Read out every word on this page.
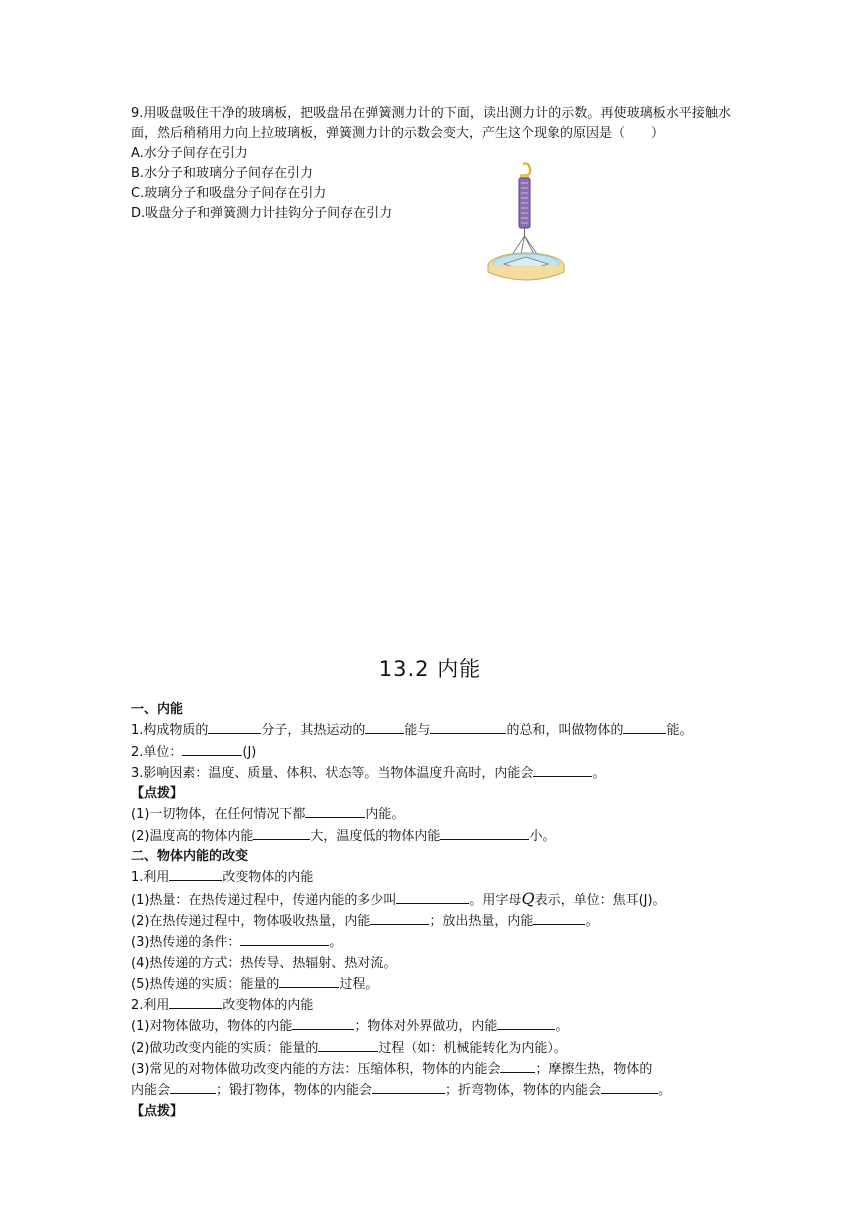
9.用吸盘吸住干净的玻璃板，把吸盘吊在弹簧测力计的下面，读出测力计的示数。再使玻璃板水平接触水面，然后稍稍用力向上拉玻璃板，弹簧测力计的示数会变大，产生这个现象的原因是（　　）

A.水分子间存在引力

B.水分子和玻璃分子间存在引力

C.玻璃分子和吸盘分子间存在引力

D.吸盘分子和弹簧测力计挂钩分子间存在引力

13.2 内能
一、内能
1.构成物质的	分子，其热运动的	能与	的总和，叫做物体的	能。
2.单位：	(J)
3.影响因素：温度、质量、体积、状态等。当物体温度升高时，内能会	。
【点拨】
(1)一切物体，在任何情况下都	内能。
(2)温度高的物体内能	大，温度低的物体内能	小。
二、物体内能的改变
1.利用	改变物体的内能
(1)热量：在热传递过程中，传递内能的多少叫	。用字母Q表示，单位：焦耳(J)。
(2)在热传递过程中，物体吸收热量，内能	；放出热量，内能	。
(3)热传递的条件：	。
(4)热传递的方式：热传导、热辐射、热对流。
(5)热传递的实质：能量的	过程。
2.利用	改变物体的内能
(1)对物体做功，物体的内能	；物体对外界做功，内能	。
(2)做功改变内能的实质：能量的	过程（如：机械能转化为内能）。
(3)常见的对物体做功改变内能的方法：压缩体积，物体的内能会	；摩擦生热，物体的
内能会	；锻打物体，物体的内能会	；折弯物体，物体的内能会	。
【点拨】
